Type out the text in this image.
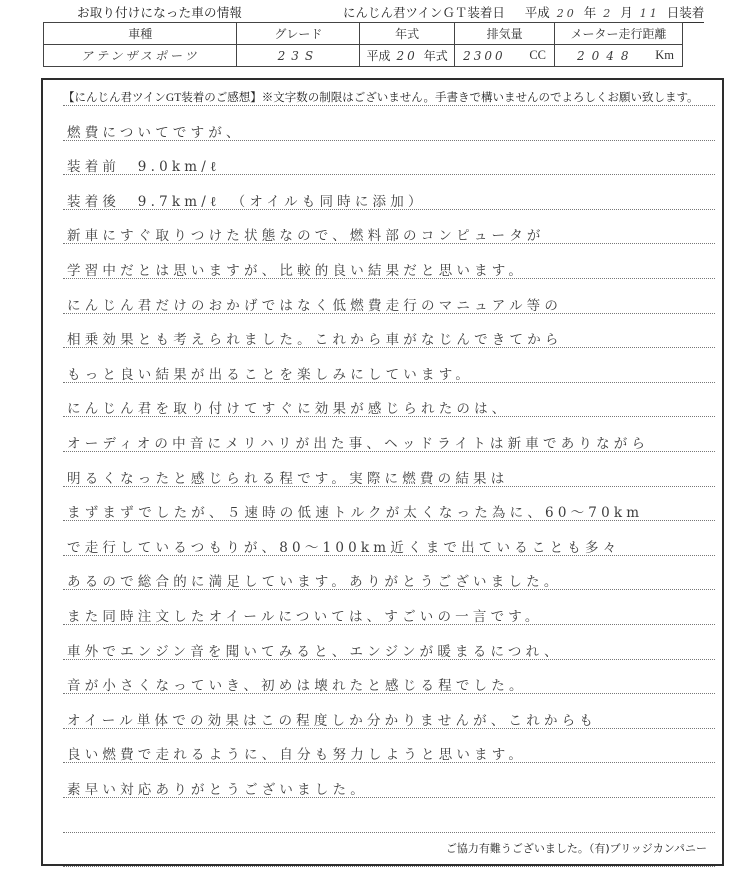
お取り付けになった車の情報	にんじん君ツインＧＴ装着日 平成 20 年 2 月 11 日装着
車種	グレード	年式	排気量	メーター走行距離
アテンザスポーツ	23S	平成 20 年式	2300 CC	2048 Km
【にんじん君ツインGT装着のご感想】※文字数の制限はございません。手書きで構いませんのでよろしくお願い致します。
燃費についてですが、
装着前　9.0km/ℓ
装着後　9.7km/ℓ　（オイルも同時に添加）
新車にすぐ取りつけた状態なので、燃料部のコンピュータが
学習中だとは思いますが、比較的良い結果だと思います。
にんじん君だけのおかげではなく低燃費走行のマニュアル等の
相乗効果とも考えられました。これから車がなじんできてから
もっと良い結果が出ることを楽しみにしています。
にんじん君を取り付けてすぐに効果が感じられたのは、
オーディオの中音にメリハリが出た事、ヘッドライトは新車でありながら
明るくなったと感じられる程です。実際に燃費の結果は
まずまずでしたが、５速時の低速トルクが太くなった為に、60～70km
で走行しているつもりが、80～100km近くまで出ていることも多々
あるので総合的に満足しています。ありがとうございました。
また同時注文したオイールについては、すごいの一言です。
車外でエンジン音を聞いてみると、エンジンが暖まるにつれ、
音が小さくなっていき、初めは壊れたと感じる程でした。
オイール単体での効果はこの程度しか分かりませんが、これからも
良い燃費で走れるように、自分も努力しようと思います。
素早い対応ありがとうございました。
ご協力有難うございました。（有)ブリッジカンパニー
